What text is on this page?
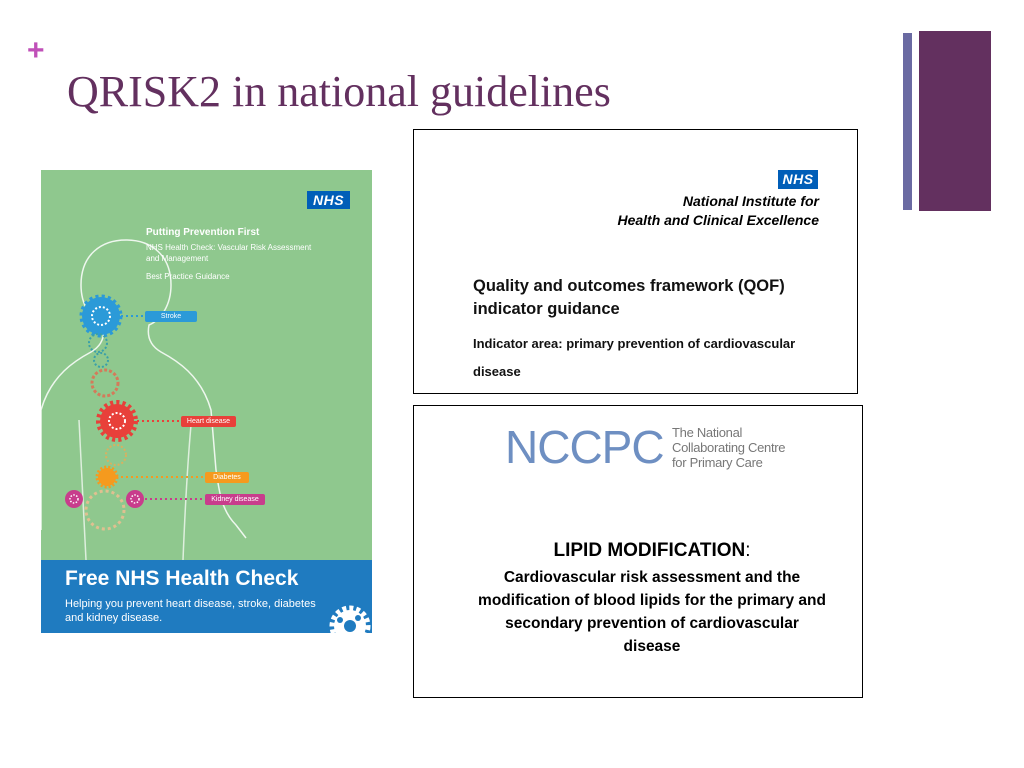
+
QRISK2 in national guidelines
NHS

Putting Prevention First

NHS Health Check: Vascular Risk Assessment and Management

Best Practice Guidance

Stroke
Heart disease
Diabetes
Kidney disease

Free NHS Health Check

Helping you prevent heart disease, stroke, diabetes and kidney disease.

NHS

National Institute for
Health and Clinical Excellence

Quality and outcomes framework (QOF) indicator guidance

Indicator area: primary prevention of cardiovascular disease

NCCPC The National
Collaborating Centre
for Primary Care

LIPID MODIFICATION:

Cardiovascular risk assessment and the modification of blood lipids for the primary and secondary prevention of cardiovascular disease
